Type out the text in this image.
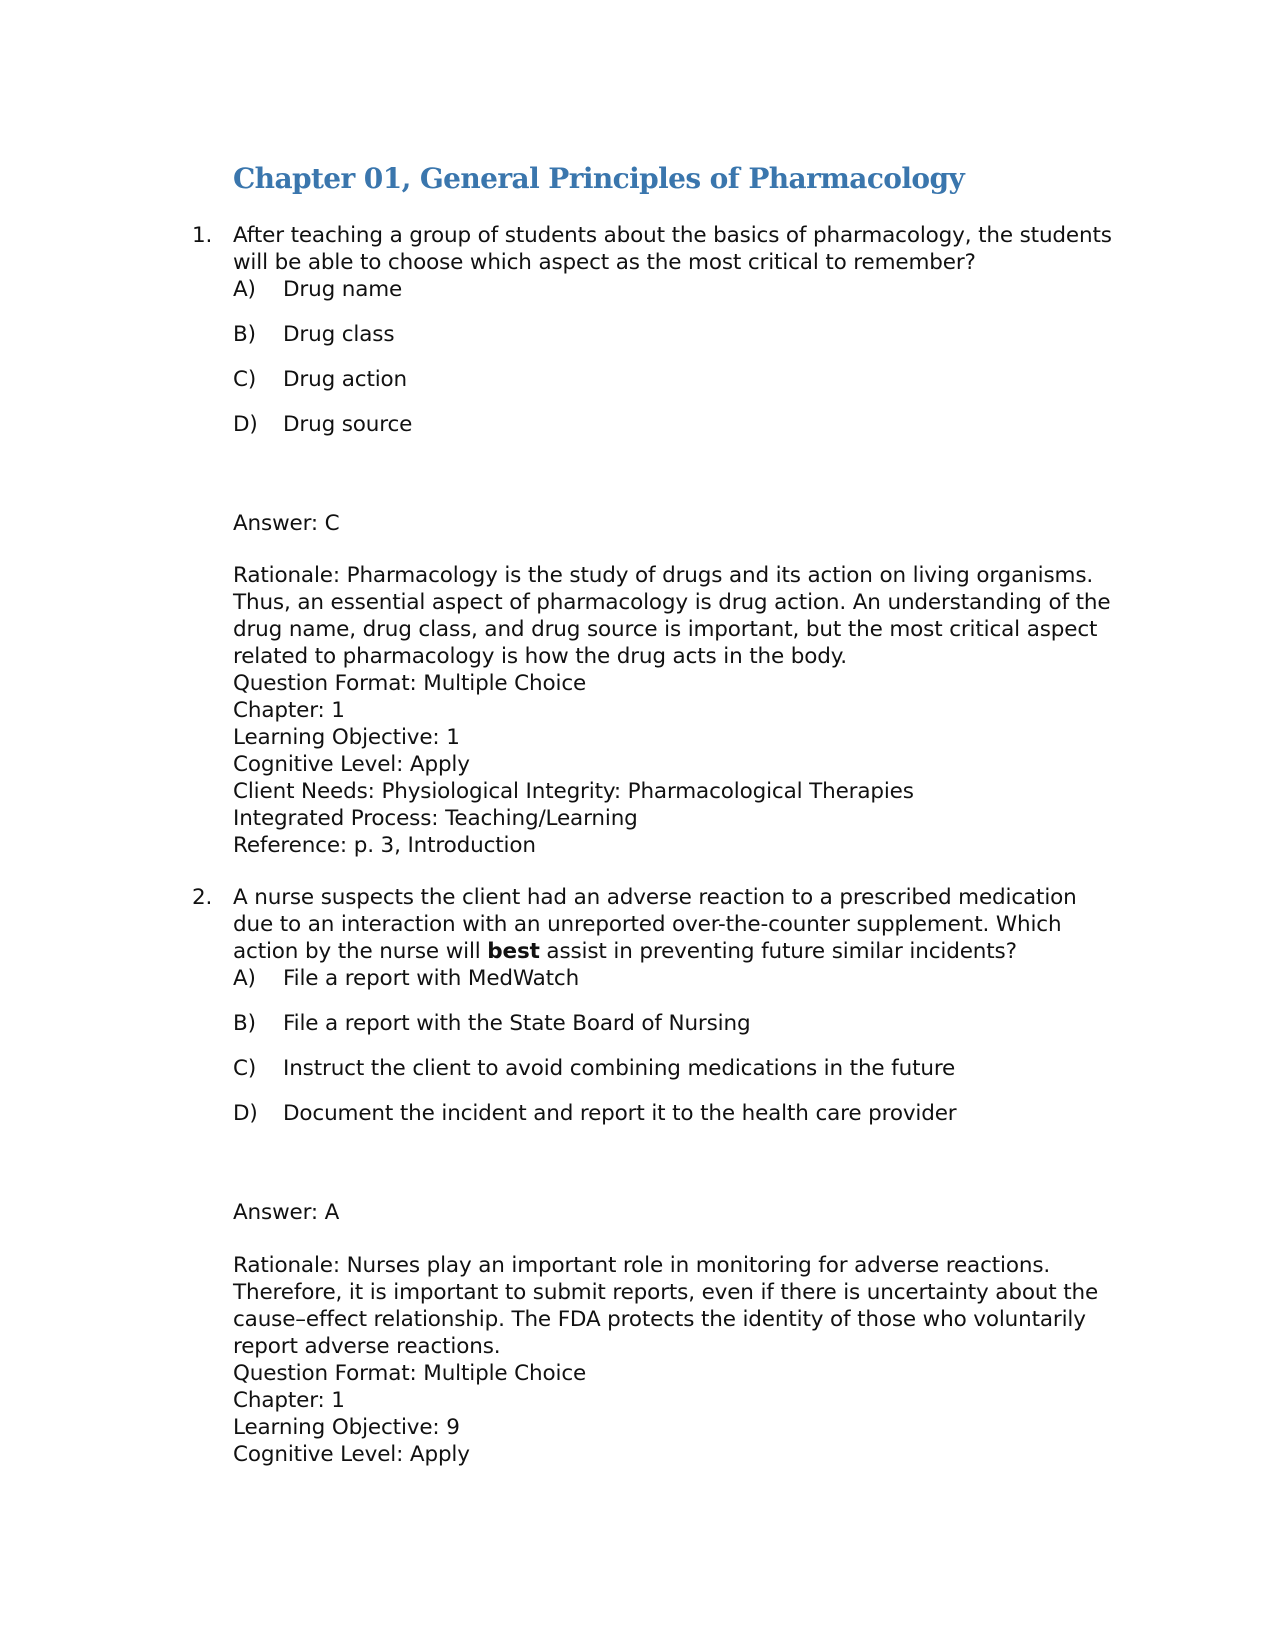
Chapter 01, General Principles of Pharmacology
1. After teaching a group of students about the basics of pharmacology, the students
will be able to choose which aspect as the most critical to remember?
A) Drug name
B) Drug class
C) Drug action
D) Drug source
Answer: C
Rationale: Pharmacology is the study of drugs and its action on living organisms.
Thus, an essential aspect of pharmacology is drug action. An understanding of the
drug name, drug class, and drug source is important, but the most critical aspect
related to pharmacology is how the drug acts in the body.
Question Format: Multiple Choice
Chapter: 1
Learning Objective: 1
Cognitive Level: Apply
Client Needs: Physiological Integrity: Pharmacological Therapies
Integrated Process: Teaching/Learning
Reference: p. 3, Introduction
2. A nurse suspects the client had an adverse reaction to a prescribed medication
due to an interaction with an unreported over-the-counter supplement. Which
action by the nurse will best assist in preventing future similar incidents?
A) File a report with MedWatch
B) File a report with the State Board of Nursing
C) Instruct the client to avoid combining medications in the future
D) Document the incident and report it to the health care provider
Answer: A
Rationale: Nurses play an important role in monitoring for adverse reactions.
Therefore, it is important to submit reports, even if there is uncertainty about the
cause–effect relationship. The FDA protects the identity of those who voluntarily
report adverse reactions.
Question Format: Multiple Choice
Chapter: 1
Learning Objective: 9
Cognitive Level: Apply
